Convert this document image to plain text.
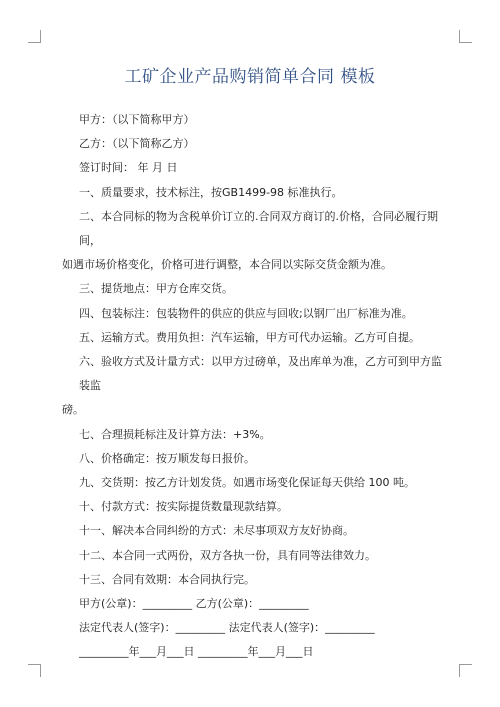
工矿企业产品购销简单合同 模板

甲方：（以下简称甲方）

乙方：（以下简称乙方）

签订时间： 年 月 日

一、质量要求，技术标注，按GB1499-98 标准执行。

二、本合同标的物为含税单价订立的.合同双方商订的.价格，合同必履行期间，

如遇市场价格变化，价格可进行调整，本合同以实际交货金额为准。

三、提货地点：甲方仓库交货。

四、包装标注：包装物件的供应的供应与回收;以钢厂出厂标准为准。

五、运输方式。费用负担：汽车运输，甲方可代办运输。乙方可自提。

六、验收方式及计量方式：以甲方过磅单，及出库单为准，乙方可到甲方监装监

磅。

七、合理损耗标注及计算方法：+3%。

八、价格确定：按万顺发每日报价。

九、交货期：按乙方计划发货。如遇市场变化保证每天供给 100 吨。

十、付款方式：按实际提货数量现款结算。

十一、解决本合同纠纷的方式：未尽事项双方友好协商。

十二、本合同一式两份，双方各执一份，具有同等法律效力。

十三、合同有效期：本合同执行完。

甲方(公章)：_________ 乙方(公章)：_________

法定代表人(签字)：_________ 法定代表人(签字)：_________

_________年___月___日 _________年___月___日
